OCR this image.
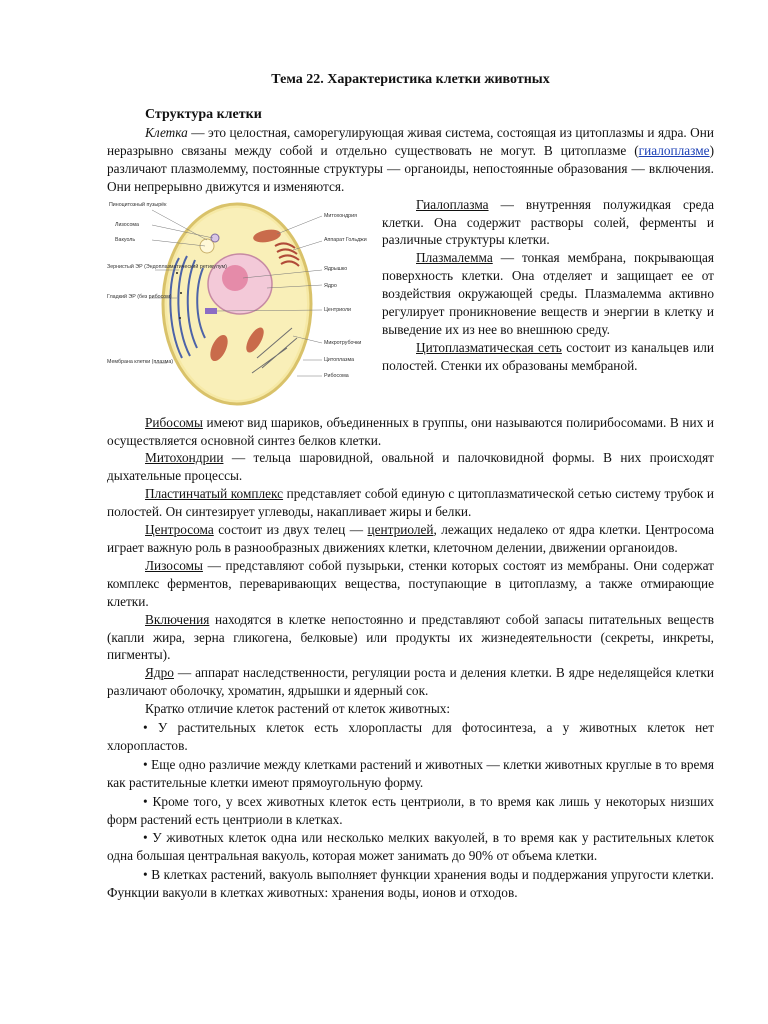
Тема 22. Характеристика клетки животных
Структура клетки

Клетка — это целостная, саморегулирующая живая система, состоящая из цитоплазмы и ядра. Они неразрывно связаны между собой и отдельно существовать не могут. В цитоплазме (гиалоплазме) различают плазмолемму, постоянные структуры — органоиды, непостоянные образования — включения. Они непрерывно движутся и изменяются.

Пиноцитозный пузырёк
Лизосома
Вакуоль
Зернистый ЭР (Эндоплазматический ретикулум)
Гладкий ЭР (без рибосом)
Мембрана клетки (плазма)
Митохондрия
Аппарат Гольджи
Ядрышко
Ядро
Центриоли
Микротрубочки
Цитоплазма
Рибосома

Гиалоплазма — внутренняя полужидкая среда клетки. Она содержит растворы солей, ферменты и различные структуры клетки.

Плазмалемма — тонкая мембрана, покрывающая поверхность клетки. Она отделяет и защищает ее от воздействия окружающей среды. Плазмалемма активно регулирует проникновение веществ и энергии в клетку и выведение их из нее во внешнюю среду.

Цитоплазматическая сеть состоит из канальцев или полостей. Стенки их образованы мембраной.

Рибосомы имеют вид шариков, объединенных в группы, они называются полирибосомами. В них и осуществляется основной синтез белков клетки.

Митохондрии — тельца шаровидной, овальной и палочковидной формы. В них происходят дыхательные процессы.

Пластинчатый комплекс представляет собой единую с цитоплазматической сетью систему трубок и полостей. Он синтезирует углеводы, накапливает жиры и белки.

Центросома состоит из двух телец — центриолей, лежащих недалеко от ядра клетки. Центросома играет важную роль в разнообразных движениях клетки, клеточном делении, движении органоидов.

Лизосомы — представляют собой пузырьки, стенки которых состоят из мембраны. Они содержат комплекс ферментов, переваривающих вещества, поступающие в цитоплазму, а также отмирающие клетки.

Включения находятся в клетке непостоянно и представляют собой запасы питательных веществ (капли жира, зерна гликогена, белковые) или продукты их жизнедеятельности (секреты, инкреты, пигменты).

Ядро — аппарат наследственности, регуляции роста и деления клетки. В ядре неделящейся клетки различают оболочку, хроматин, ядрышки и ядерный сок.

Кратко отличие клеток растений от клеток животных:

• У растительных клеток есть хлоропласты для фотосинтеза, а у животных клеток нет хлоропластов.

• Еще одно различие между клетками растений и животных — клетки животных круглые в то время как растительные клетки имеют прямоугольную форму.

• Кроме того, у всех животных клеток есть центриоли, в то время как лишь у некоторых низших форм растений есть центриоли в клетках.

• У животных клеток одна или несколько мелких вакуолей, в то время как у растительных клеток одна большая центральная вакуоль, которая может занимать до 90% от объема клетки.

• В клетках растений, вакуоль выполняет функции хранения воды и поддержания упругости клетки. Функции вакуоли в клетках животных: хранения воды, ионов и отходов.
